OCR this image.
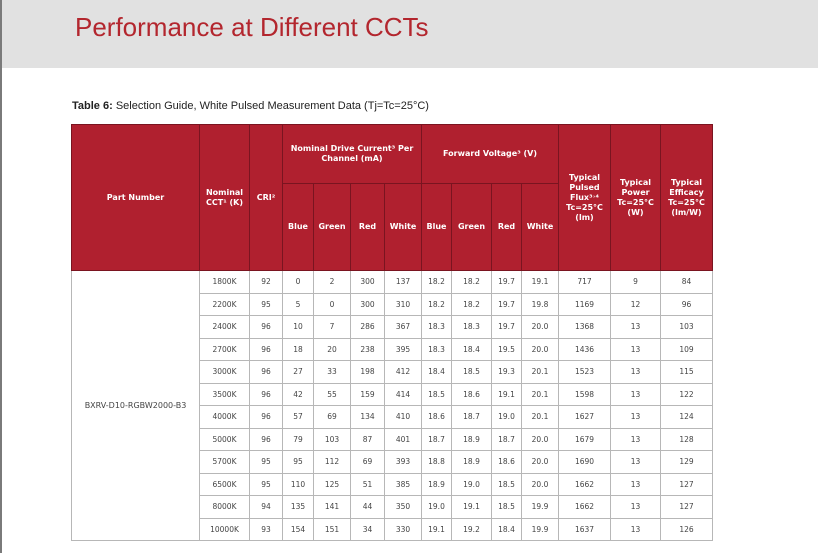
Performance at Different CCTs
Table 6: Selection Guide, White Pulsed Measurement Data (Tj=Tc=25°C)
Part Number	Nominal CCT¹ (K)	CRI²	Nominal Drive Current³ Per Channel (mA)				Forward Voltage³ (V)				Typical Pulsed Flux³˒⁴ Tc=25°C (lm)	Typical Power Tc=25°C (W)	Typical Efficacy Tc=25°C (lm/W)
			Blue	Green	Red	White	Blue	Green	Red	White			
BXRV-D10-RGBW2000-B3	1800K	92	0	2	300	137	18.2	18.2	19.7	19.1	717	9	84
	2200K	95	5	0	300	310	18.2	18.2	19.7	19.8	1169	12	96
	2400K	96	10	7	286	367	18.3	18.3	19.7	20.0	1368	13	103
	2700K	96	18	20	238	395	18.3	18.4	19.5	20.0	1436	13	109
	3000K	96	27	33	198	412	18.4	18.5	19.3	20.1	1523	13	115
	3500K	96	42	55	159	414	18.5	18.6	19.1	20.1	1598	13	122
	4000K	96	57	69	134	410	18.6	18.7	19.0	20.1	1627	13	124
	5000K	96	79	103	87	401	18.7	18.9	18.7	20.0	1679	13	128
	5700K	95	95	112	69	393	18.8	18.9	18.6	20.0	1690	13	129
	6500K	95	110	125	51	385	18.9	19.0	18.5	20.0	1662	13	127
	8000K	94	135	141	44	350	19.0	19.1	18.5	19.9	1662	13	127
	10000K	93	154	151	34	330	19.1	19.2	18.4	19.9	1637	13	126
